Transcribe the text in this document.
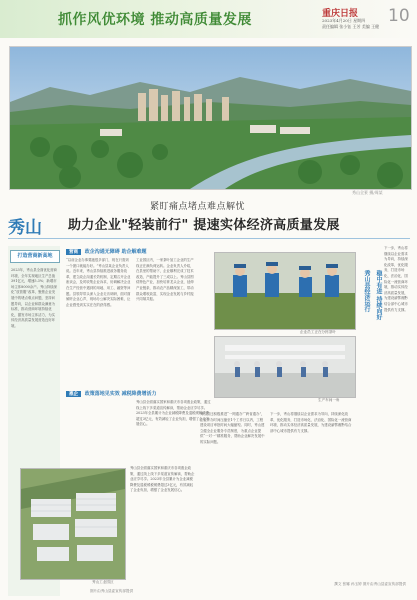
抓作风优环境 推动高质量发展	重庆日报
2023年4月20日 星期四
责任编辑 张小钰 王芳 美编 王健
10
秀山全景 摄/周某
紧盯痛点堵点难点解忧
秀山 助力企业"轻装前行" 提速实体经济高质量发展
打造营商新高地
2023年，秀山县全面优化营商环境，全年实现地区生产总值391亿元，增速5.3%；新增市场主体8000余户。秀山持续深化“放管服”改革，聚焦企业发展中的堵点难点问题，坚持问题导向，以企业和群众满意为标准，推动营商环境持续优化，激发市场主体活力，为实体经济高质量发展营造良好环境。
营商 政企沟通无障碍 助企解难题
“以前企业办事要跑很多部门，现在只需到一个窗口就能办好。”秀山县某企业负责人说。近年来，秀山县持续推进政务服务改革，建立政企沟通长效机制，定期召开企业座谈会，及时收集企业诉求，协调解决企业在生产经营中遇到的用地、用工、融资等问题。县领导带头深入企业走访调研，面对面倾听企业心声，现场办公解决实际困难，让企业感受到实实在在的获得感。
工业园区内，一家茶叶加工企业的生产线正在满负荷运转。企业负责人介绍，在县里的帮助下，企业顺利完成了技术改造，产能提升了三成以上。秀山县围绕特色产业，加快培育龙头企业，延伸产业链条，推动农产品精深加工，带动群众增收致富，实现企业发展与乡村振兴同频共振。
企业员工正在分拣茶叶
生产车间一角
惠企 政策落地见实效 减税降费增活力
秀山县全面落实国家和重庆市各项惠企政策，通过线上线下多渠道宣传解读，帮助企业应享尽享。2023年全县累计为企业减税降费及退税缓税缓费超过3亿元，有效减轻了企业负担，增强了企业发展信心。
秀山工业园区
秀山县全面落实国家和重庆市各项惠企政策，通过线上线下多渠道宣传解读，帮助企业应享尽享。2023年全县累计为企业减税降费及退税缓税缓费超过3亿元，有效减轻了企业负担，增强了企业发展信心。
秀山县还积极推进“一网通办”“跨省通办”，企业开办时间压缩至1个工作日以内，工程建设项目审批时间大幅缩短。同时，秀山建立健全企业服务专员制度，为重点企业提供“一对一”精准服务，帮助企业解决发展中的实际问题。
下一步，秀山将继续以企业需求为导向，持续深化改革，优化服务，打造市场化、法治化、国际化一流营商环境，推动实体经济高质量发展，为建设渝鄂湘黔结合部中心城市提供有力支撑。
秀山县经济运行 稳中有进 持续向好
下一步，秀山将继续以企业需求为导向，持续深化改革，优化服务，打造市场化、法治化、国际化一流营商环境，推动实体经济高质量发展，为建设渝鄂湘黔结合部中心城市提供有力支撑。
图片由秀山县委宣传部提供
撰文 张娜 孙玉婷 图片由秀山县委宣传部提供
